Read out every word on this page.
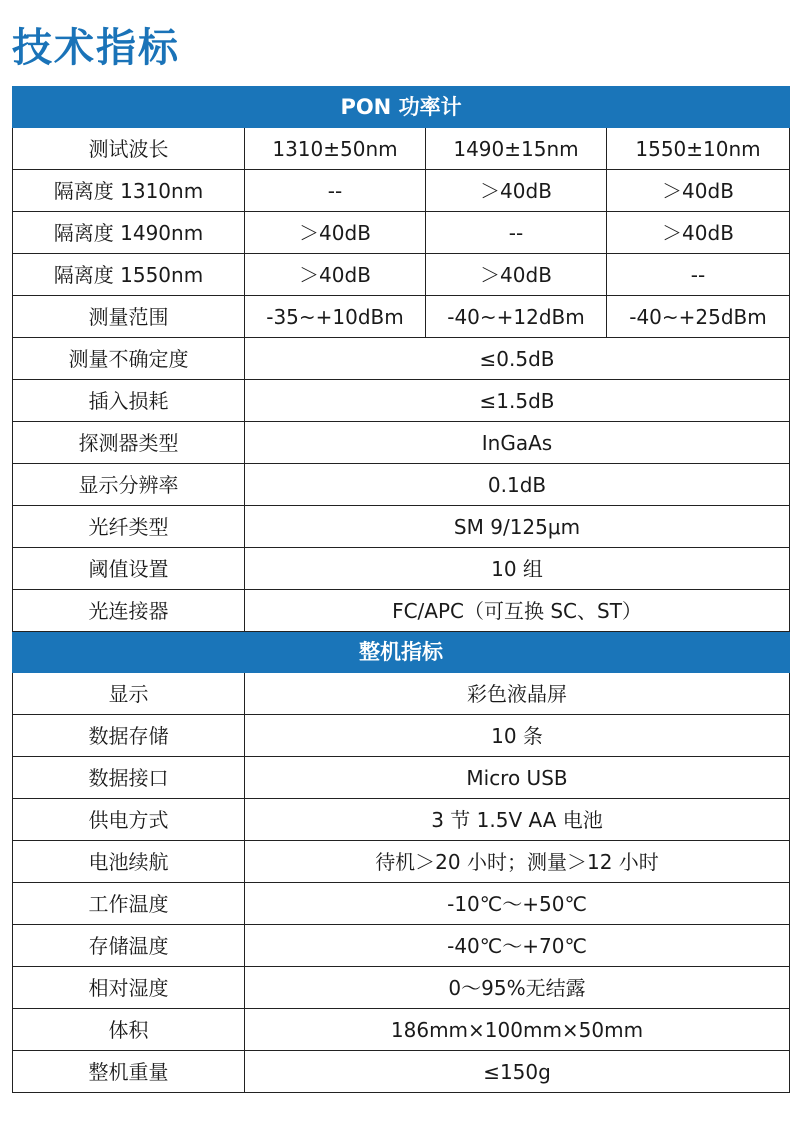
技术指标
PON 功率计			
测试波长	1310±50nm	1490±15nm	1550±10nm
隔离度 1310nm	--	＞40dB	＞40dB
隔离度 1490nm	＞40dB	--	＞40dB
隔离度 1550nm	＞40dB	＞40dB	--
测量范围	-35~+10dBm	-40~+12dBm	-40~+25dBm
测量不确定度	≤0.5dB		
插入损耗	≤1.5dB		
探测器类型	InGaAs		
显示分辨率	0.1dB		
光纤类型	SM 9/125μm		
阈值设置	10 组		
光连接器	FC/APC（可互换 SC、ST）		
整机指标			
显示	彩色液晶屏		
数据存储	10 条		
数据接口	Micro USB		
供电方式	3 节 1.5V AA 电池		
电池续航	待机＞20 小时；测量＞12 小时		
工作温度	-10℃～+50℃		
存储温度	-40℃～+70℃		
相对湿度	0～95%无结露		
体积	186mm×100mm×50mm		
整机重量	≤150g		
